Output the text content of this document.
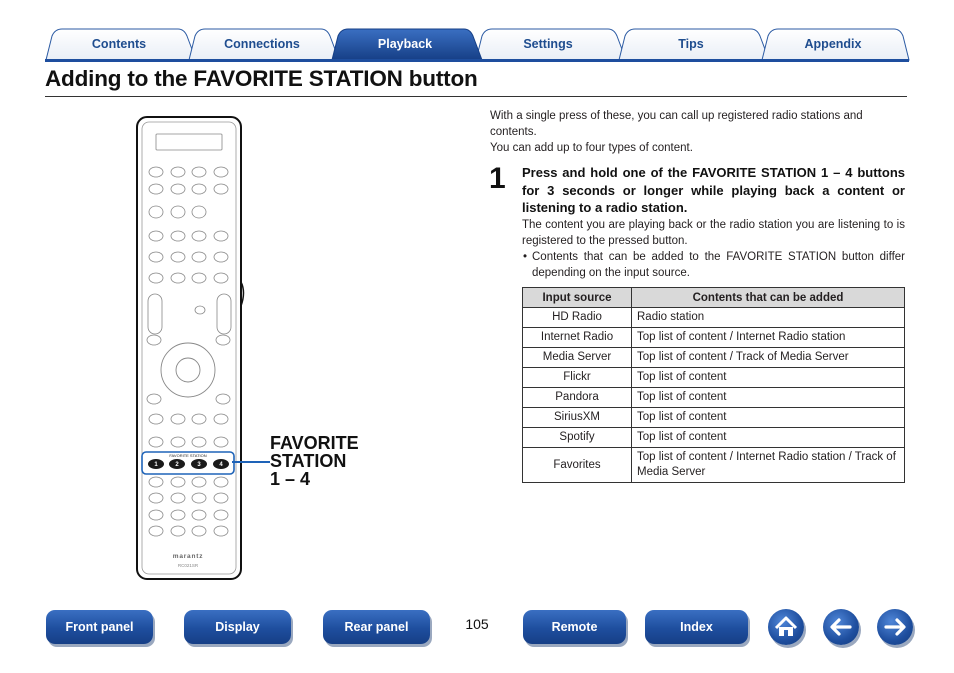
Contents	Connections	Playback	Settings	Tips	Appendix
Adding to the FAVORITE STATION button
1	2	3	4
FAVORITE STATION
marantz
RC021SR
FAVORITE
STATION
1 – 4
With a single press of these, you can call up registered radio stations and contents.
You can add up to four types of content.
1 Press and hold one of the FAVORITE STATION 1 – 4 buttons for 3 seconds or longer while playing back a content or listening to a radio station.
The content you are playing back or the radio station you are listening to is registered to the pressed button.
• Contents that can be added to the FAVORITE STATION button differ depending on the input source.
Input source	Contents that can be added
HD Radio	Radio station
Internet Radio	Top list of content / Internet Radio station
Media Server	Top list of content / Track of Media Server
Flickr	Top list of content
Pandora	Top list of content
SiriusXM	Top list of content
Spotify	Top list of content
Favorites	Top list of content / Internet Radio station / Track of Media Server
Front panel	Display	Rear panel	105	Remote	Index
